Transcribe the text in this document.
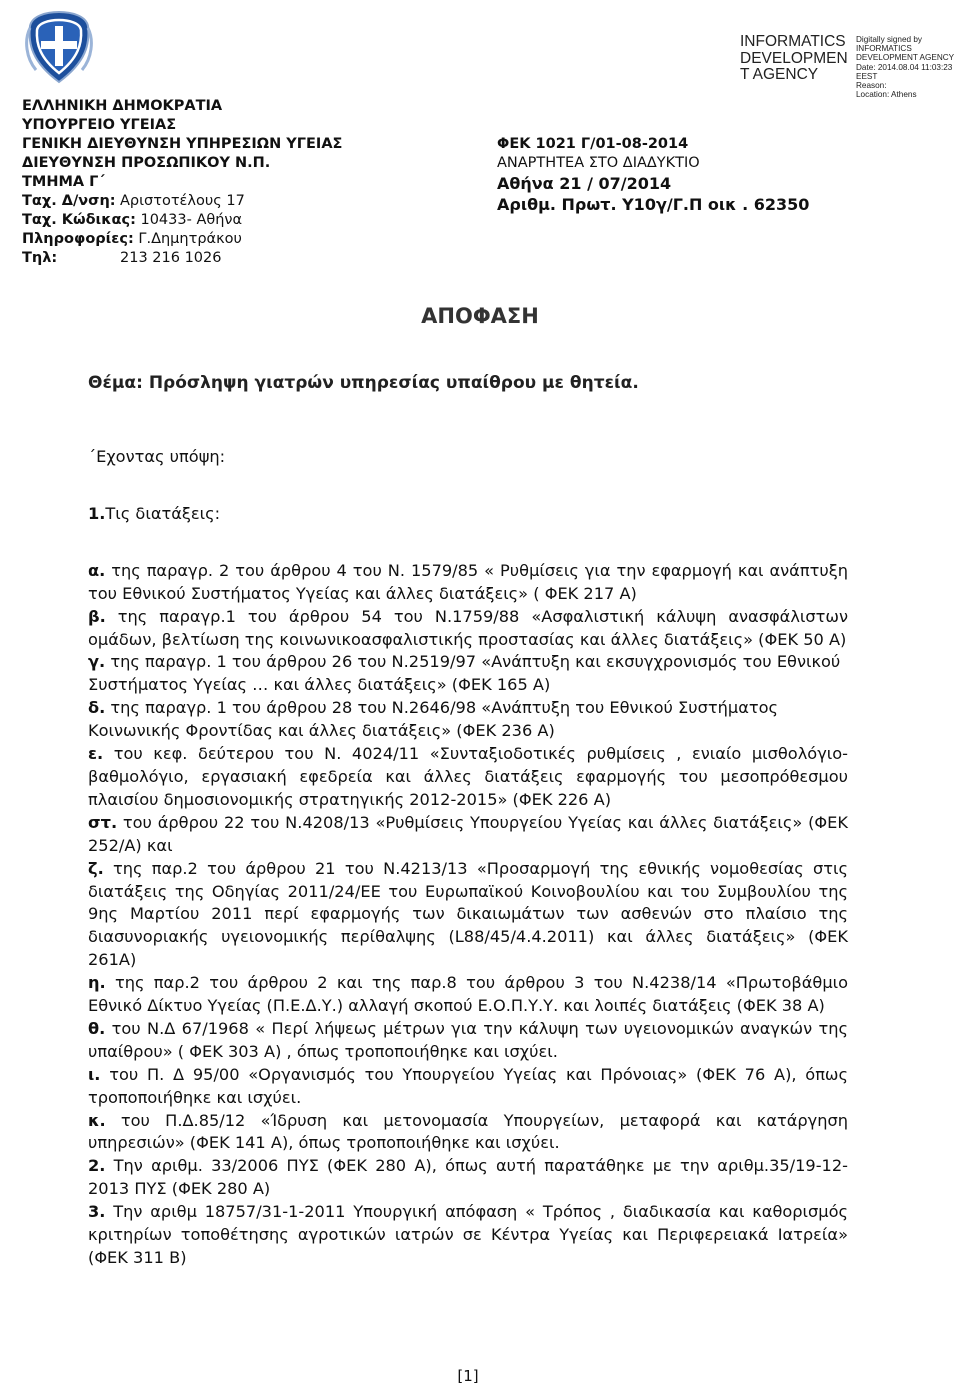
ΕΛΛΗΝΙΚΗ ΔΗΜΟΚΡΑΤΙΑ
ΥΠΟΥΡΓΕΙΟ ΥΓΕΙΑΣ
ΓΕΝΙΚΗ ΔΙΕΥΘΥΝΣΗ ΥΠΗΡΕΣΙΩΝ ΥΓΕΙΑΣ
ΔΙΕΥΘΥΝΣΗ ΠΡΟΣΩΠΙΚΟΥ Ν.Π.
ΤΜΗΜΑ Γ΄
Ταχ. Δ/νση: Αριστοτέλους 17
Ταχ. Κώδικας: 10433- Αθήνα
Πληροφορίες: Γ.Δημητράκου
Τηλ:	213 216 1026
ΦΕΚ 1021 Γ/01-08-2014
ΑΝΑΡΤΗΤΕΑ ΣΤΟ ΔΙΑΔΥΚΤΙΟ
Αθήνα 21 / 07/2014
Αριθμ. Πρωτ. Υ10γ/Γ.Π οικ . 62350
INFORMATICS
DEVELOPMEN
T AGENCY
Digitally signed by
INFORMATICS
DEVELOPMENT AGENCY
Date: 2014.08.04 11:03:23
EEST
Reason:
Location: Athens
ΑΠΟΦΑΣΗ
Θέμα: Πρόσληψη γιατρών υπηρεσίας υπαίθρου με θητεία.

΄Εχοντας υπόψη:

1.Τις διατάξεις:

α. της παραγρ. 2 του άρθρου 4 του Ν. 1579/85 « Ρυθμίσεις για την εφαρμογή και ανάπτυξη του Εθνικού Συστήματος Υγείας και άλλες διατάξεις» ( ΦΕΚ 217 Α)

β. της παραγρ.1 του άρθρου 54 του Ν.1759/88 «Ασφαλιστική κάλυψη ανασφάλιστων ομάδων, βελτίωση της κοινωνικοασφαλιστικής προστασίας και άλλες διατάξεις» (ΦΕΚ 50 Α)

γ. της παραγρ. 1 του άρθρου 26 του Ν.2519/97 «Ανάπτυξη και εκσυγχρονισμός του Εθνικού Συστήματος Υγείας … και άλλες διατάξεις» (ΦΕΚ 165 Α)

δ. της παραγρ. 1 του άρθρου 28 του Ν.2646/98 «Ανάπτυξη του Εθνικού Συστήματος Κοινωνικής Φροντίδας και άλλες διατάξεις» (ΦΕΚ 236 Α)

ε. του κεφ. δεύτερου του Ν. 4024/11 «Συνταξιοδοτικές ρυθμίσεις , ενιαίο μισθολόγιο-βαθμολόγιο, εργασιακή εφεδρεία και άλλες διατάξεις εφαρμογής του μεσοπρόθεσμου πλαισίου δημοσιονομικής στρατηγικής 2012-2015» (ΦΕΚ 226 Α)

στ. του άρθρου 22 του Ν.4208/13 «Ρυθμίσεις Υπουργείου Υγείας και άλλες διατάξεις» (ΦΕΚ 252/Α) και

ζ. της παρ.2 του άρθρου 21 του Ν.4213/13 «Προσαρμογή της εθνικής νομοθεσίας στις διατάξεις της Οδηγίας 2011/24/ΕΕ του Ευρωπαϊκού Κοινοβουλίου και του Συμβουλίου της 9ης Μαρτίου 2011 περί εφαρμογής των δικαιωμάτων των ασθενών στο πλαίσιο της διασυνοριακής υγειονομικής περίθαλψης (L88/45/4.4.2011) και άλλες διατάξεις» (ΦΕΚ 261Α)

η. της παρ.2 του άρθρου 2 και της παρ.8 του άρθρου 3 του Ν.4238/14 «Πρωτοβάθμιο Εθνικό Δίκτυο Υγείας (Π.Ε.Δ.Υ.) αλλαγή σκοπού Ε.Ο.Π.Υ.Υ. και λοιπές διατάξεις (ΦΕΚ 38 Α)

θ. του Ν.Δ 67/1968 « Περί λήψεως μέτρων για την κάλυψη των υγειονομικών αναγκών της υπαίθρου» ( ΦΕΚ 303 Α) , όπως τροποποιήθηκε και ισχύει.

ι. του Π. Δ 95/00 «Οργανισμός του Υπουργείου Υγείας και Πρόνοιας» (ΦΕΚ 76 Α), όπως τροποποιήθηκε και ισχύει.

κ. του Π.Δ.85/12 «Ίδρυση και μετονομασία Υπουργείων, μεταφορά και κατάργηση υπηρεσιών» (ΦΕΚ 141 Α), όπως τροποποιήθηκε και ισχύει.

2. Την αριθμ. 33/2006 ΠΥΣ (ΦΕΚ 280 Α), όπως αυτή παρατάθηκε με την αριθμ.35/19-12-2013 ΠΥΣ (ΦΕΚ 280 Α)

3. Την αριθμ 18757/31-1-2011 Υπουργική απόφαση « Τρόπος , διαδικασία και καθορισμός κριτηρίων τοποθέτησης αγροτικών ιατρών σε Κέντρα Υγείας και Περιφερειακά Ιατρεία» (ΦΕΚ 311 Β)

[1]
